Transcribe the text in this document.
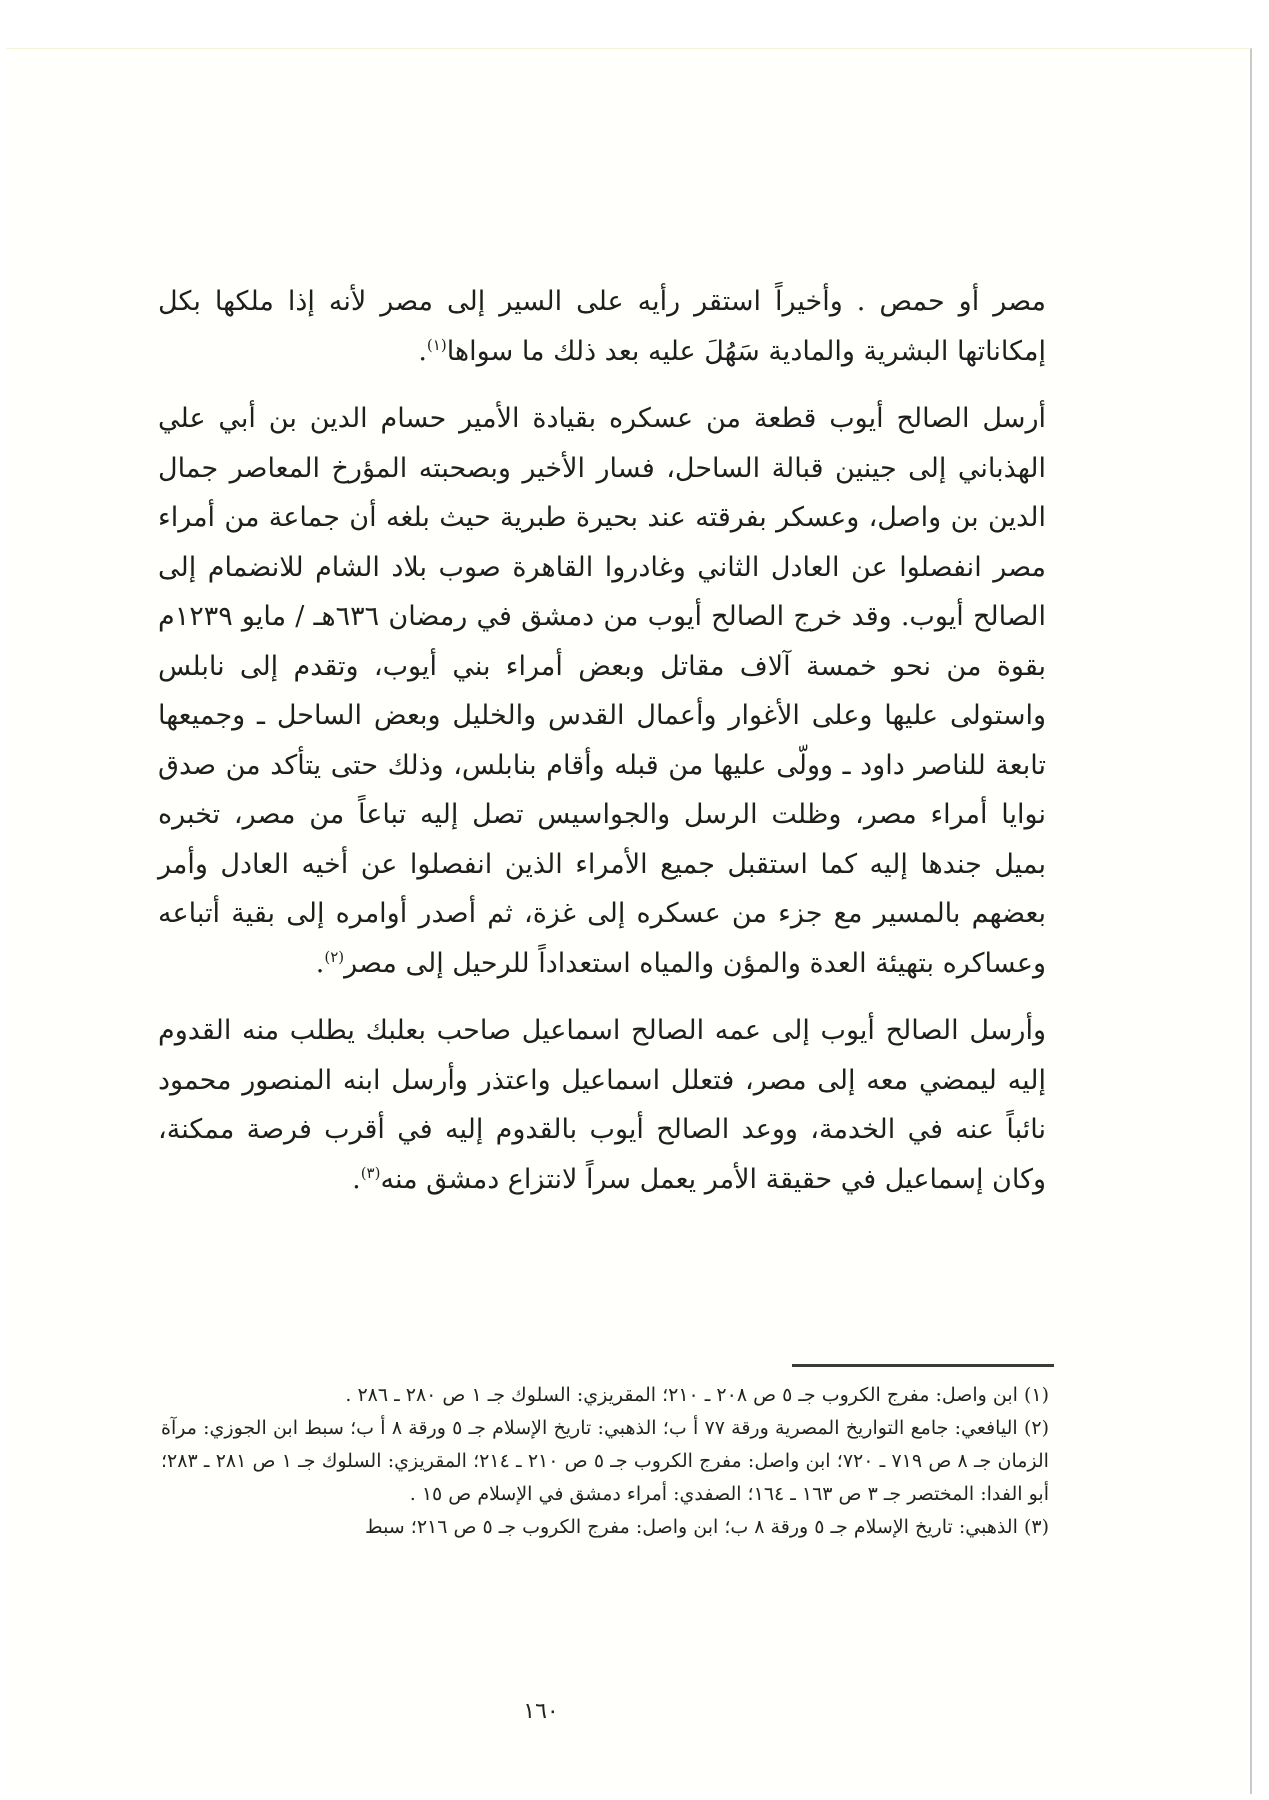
مصر أو حمص . وأخيراً استقر رأيه على السير إلى مصر لأنه إذا ملكها بكل إمكاناتها البشرية والمادية سَهُلَ عليه بعد ذلك ما سواها$^{(١)}$.

أرسل الصالح أيوب قطعة من عسكره بقيادة الأمير حسام الدين بن أبي علي الهذباني إلى جينين قبالة الساحل، فسار الأخير وبصحبته المؤرخ المعاصر جمال الدين بن واصل، وعسكر بفرقته عند بحيرة طبرية حيث بلغه أن جماعة من أمراء مصر انفصلوا عن العادل الثاني وغادروا القاهرة صوب بلاد الشام للانضمام إلى الصالح أيوب. وقد خرج الصالح أيوب من دمشق في رمضان ٦٣٦هـ / مايو ١٢٣٩م بقوة من نحو خمسة آلاف مقاتل وبعض أمراء بني أيوب، وتقدم إلى نابلس واستولى عليها وعلى الأغوار وأعمال القدس والخليل وبعض الساحل ـ وجميعها تابعة للناصر داود ـ وولّى عليها من قبله وأقام بنابلس، وذلك حتى يتأكد من صدق نوايا أمراء مصر، وظلت الرسل والجواسيس تصل إليه تباعاً من مصر، تخبره بميل جندها إليه كما استقبل جميع الأمراء الذين انفصلوا عن أخيه العادل وأمر بعضهم بالمسير مع جزء من عسكره إلى غزة، ثم أصدر أوامره إلى بقية أتباعه وعساكره بتهيئة العدة والمؤن والمياه استعداداً للرحيل إلى مصر$^{(٢)}$.

وأرسل الصالح أيوب إلى عمه الصالح اسماعيل صاحب بعلبك يطلب منه القدوم إليه ليمضي معه إلى مصر، فتعلل اسماعيل واعتذر وأرسل ابنه المنصور محمود نائباً عنه في الخدمة، ووعد الصالح أيوب بالقدوم إليه في أقرب فرصة ممكنة، وكان إسماعيل في حقيقة الأمر يعمل سراً لانتزاع دمشق منه$^{(٣)}$.

(١) ابن واصل: مفرج الكروب جـ ٥ ص ٢٠٨ ـ ٢١٠؛ المقريزي: السلوك جـ ١ ص ٢٨٠ ـ ٢٨٦ .

(٢) اليافعي: جامع التواريخ المصرية ورقة ٧٧ أ ب؛ الذهبي: تاريخ الإسلام جـ ٥ ورقة ٨ أ ب؛ سبط ابن الجوزي: مرآة الزمان جـ ٨ ص ٧١٩ ـ ٧٢٠؛ ابن واصل: مفرج الكروب جـ ٥ ص ٢١٠ ـ ٢١٤؛ المقريزي: السلوك جـ ١ ص ٢٨١ ـ ٢٨٣؛ أبو الفدا: المختصر جـ ٣ ص ١٦٣ ـ ١٦٤؛ الصفدي: أمراء دمشق في الإسلام ص ١٥ .

(٣) الذهبي: تاريخ الإسلام جـ ٥ ورقة ٨ ب؛ ابن واصل: مفرج الكروب جـ ٥ ص ٢١٦؛ سبط

١٦٠
